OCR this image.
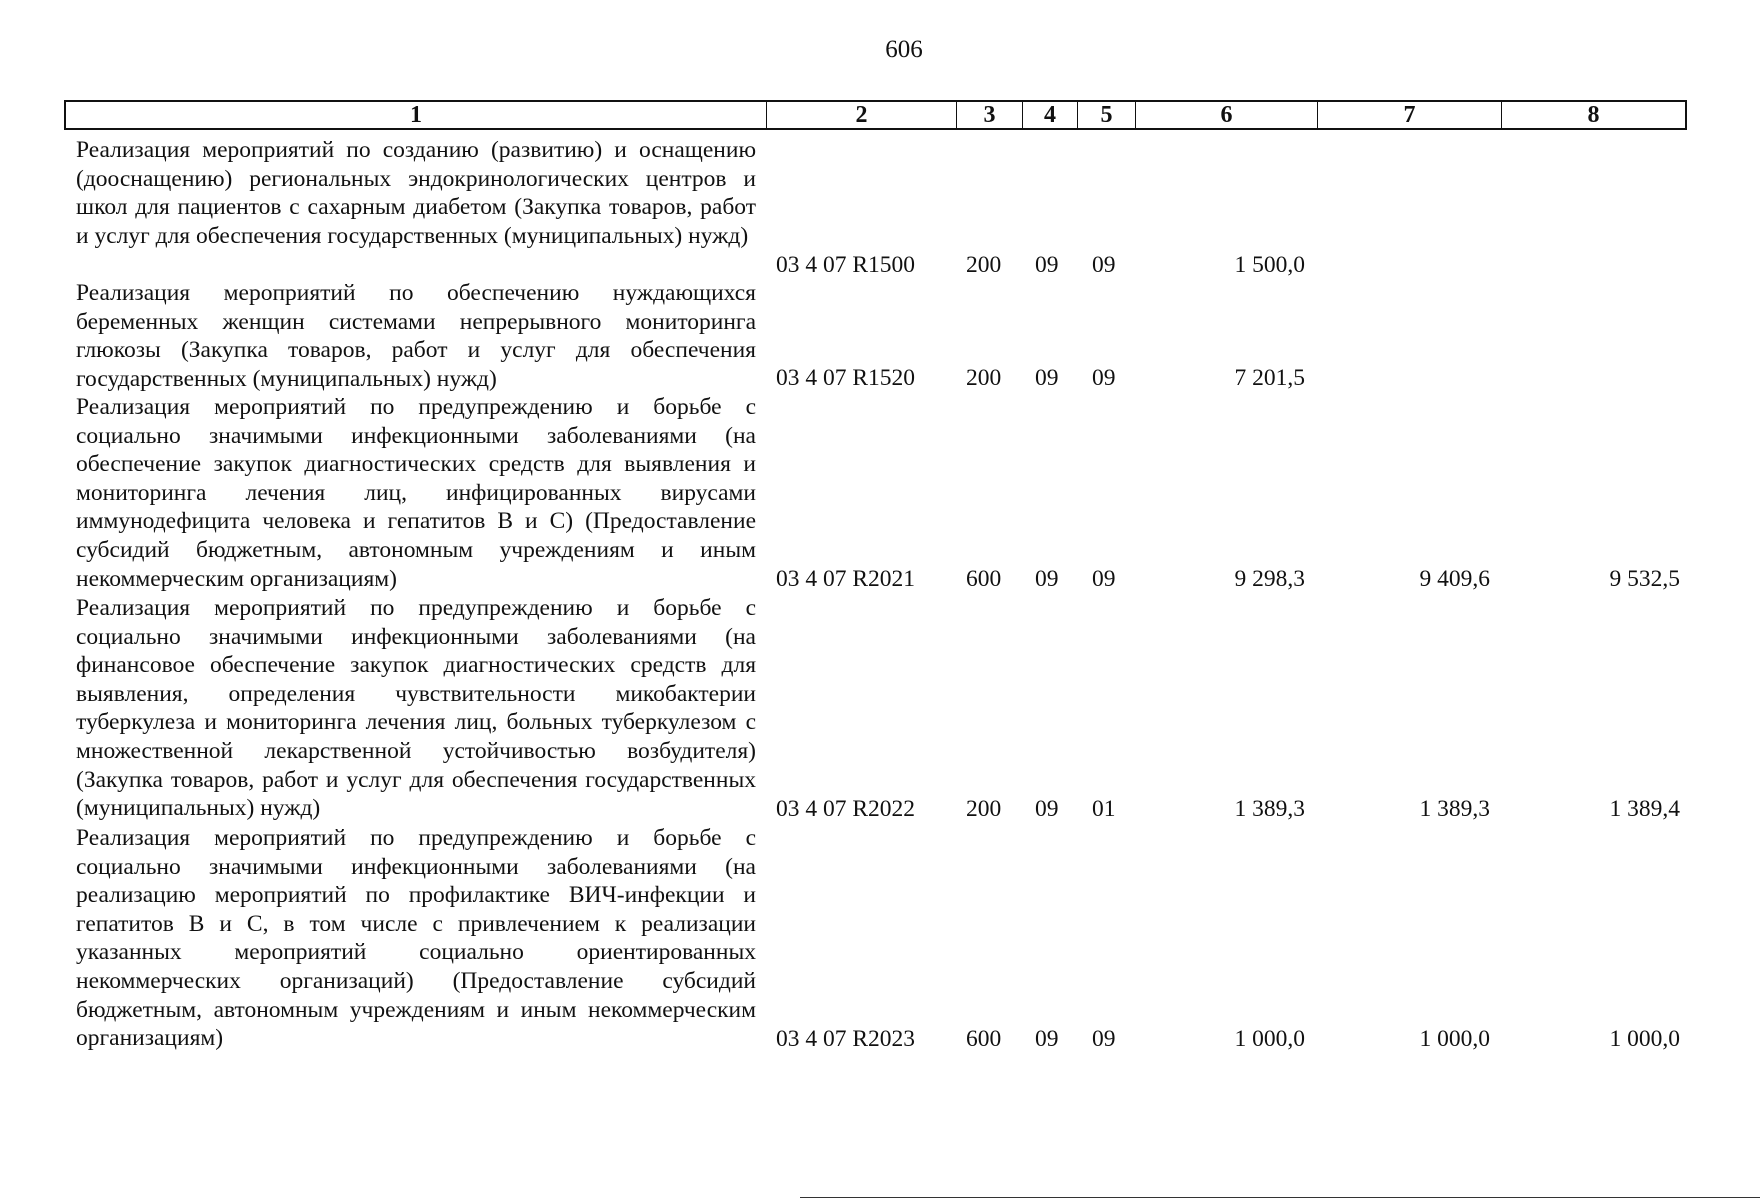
606
1	2	3	4	5	6	7	8
Реализация мероприятий по созданию (развитию) и оснащению (дооснащению) региональных эндокринологических центров и школ для пациентов с сахарным диабетом (Закупка товаров, работ и услуг для обеспечения государственных (муниципальных) нужд)
03 4 07 R1500 200 09 09	1 500,0
Реализация мероприятий по обеспечению нуждающихся беременных женщин системами непрерывного мониторинга глюкозы (Закупка товаров, работ и услуг для обеспечения государственных (муниципальных) нужд)	03 4 07 R1520 200 09 09	7 201,5
Реализация мероприятий по предупреждению и борьбе с социально значимыми инфекционными заболеваниями (на обеспечение закупок диагностических средств для выявления и мониторинга лечения лиц, инфицированных вирусами иммунодефицита человека и гепатитов B и C) (Предоставление субсидий бюджетным, автономным учреждениям и иным некоммерческим организациям)	03 4 07 R2021 600 09 09	9 298,3	9 409,6	9 532,5
Реализация мероприятий по предупреждению и борьбе с социально значимыми инфекционными заболеваниями (на финансовое обеспечение закупок диагностических средств для выявления, определения чувствительности микобактерии туберкулеза и мониторинга лечения лиц, больных туберкулезом с множественной лекарственной устойчивостью возбудителя) (Закупка товаров, работ и услуг для обеспечения государственных (муниципальных) нужд)	03 4 07 R2022 200 09 01	1 389,3	1 389,3	1 389,4
Реализация мероприятий по предупреждению и борьбе с социально значимыми инфекционными заболеваниями (на реализацию мероприятий по профилактике ВИЧ-инфекции и гепатитов B и C, в том числе с привлечением к реализации указанных мероприятий социально ориентированных некоммерческих организаций) (Предоставление субсидий бюджетным, автономным учреждениям и иным некоммерческим организациям)	03 4 07 R2023 600 09 09	1 000,0	1 000,0	1 000,0
